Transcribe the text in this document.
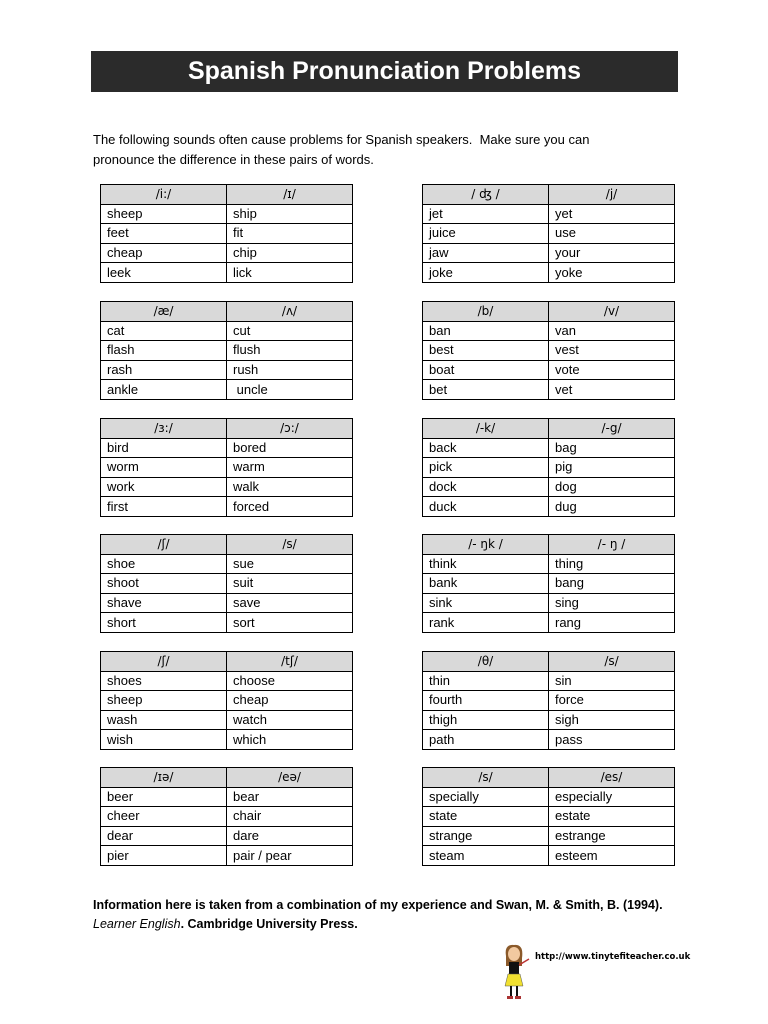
Spanish Pronunciation Problems
The following sounds often cause problems for Spanish speakers.  Make sure you can
pronounce the difference in these pairs of words.
/i:/	/ɪ/
sheep	ship
feet	fit
cheap	chip
leek	lick
/ ʤ /	/j/
jet	yet
juice	use
jaw	your
joke	yoke
/æ/	/ʌ/
cat	cut
flash	flush
rash	rush
ankle	uncle
/b/	/v/
ban	van
best	vest
boat	vote
bet	vet
/ɜ:/	/ɔ:/
bird	bored
worm	warm
work	walk
first	forced
/-k/	/-g/
back	bag
pick	pig
dock	dog
duck	dug
/ʃ/	/s/
shoe	sue
shoot	suit
shave	save
short	sort
/- ŋk /	/- ŋ /
think	thing
bank	bang
sink	sing
rank	rang
/ʃ/	/tʃ/
shoes	choose
sheep	cheap
wash	watch
wish	which
/θ/	/s/
thin	sin
fourth	force
thigh	sigh
path	pass
/ɪə/	/eə/
beer	bear
cheer	chair
dear	dare
pier	pair / pear
/s/	/es/
specially	especially
state	estate
strange	estrange
steam	esteem
Information here is taken from a combination of my experience and Swan, M. & Smith, B. (1994).
Learner English. Cambridge University Press.
http://www.tinytefiteacher.co.uk
